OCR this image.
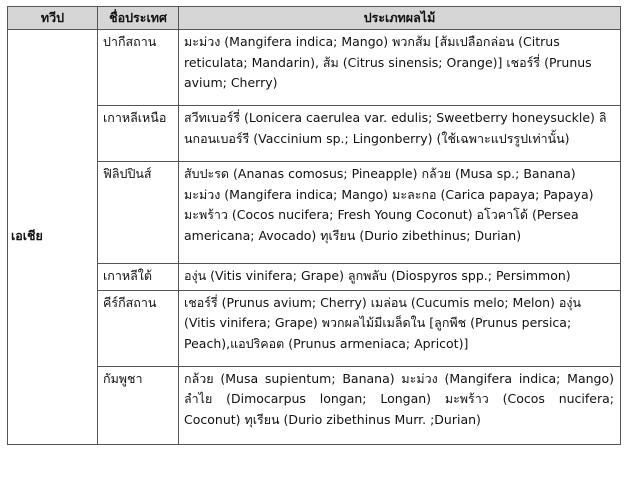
ทวีป	ชื่อประเทศ	ประเภทผลไม้
เอเชีย	ปากีสถาน	มะม่วง (Mangifera indica; Mango) พวกส้ม [ส้มเปลือกล่อน (Citrus reticulata; Mandarin), ส้ม (Citrus sinensis; Orange)] เชอร์รี่ (Prunus avium; Cherry)
	เกาหลีเหนือ	สวีทเบอร์รี่ (Lonicera caerulea var. edulis; Sweetberry honeysuckle) ลินกอนเบอร์รี (Vaccinium sp.; Lingonberry) (ใช้เฉพาะแปรรูปเท่านั้น)
	ฟิลิปปินส์	สับปะรด (Ananas comosus; Pineapple) กล้วย (Musa sp.; Banana) มะม่วง (Mangifera indica; Mango) มะละกอ (Carica papaya; Papaya) มะพร้าว (Cocos nucifera; Fresh Young Coconut) อโวคาโด้ (Persea americana; Avocado) ทุเรียน (Durio zibethinus; Durian)
	เกาหลีใต้	องุ่น (Vitis vinifera; Grape) ลูกพลับ (Diospyros spp.; Persimmon)
	คีร์กีสถาน	เชอร์รี่ (Prunus avium; Cherry) เมล่อน (Cucumis melo; Melon) องุ่น (Vitis vinifera; Grape) พวกผลไม้มีเมล็ดใน [ลูกพีช (Prunus persica; Peach),แอปริคอต (Prunus armeniaca; Apricot)]
	กัมพูชา	กล้วย (Musa supientum; Banana) มะม่วง (Mangifera indica; Mango) ลำไย (Dimocarpus longan; Longan) มะพร้าว (Cocos nucifera; Coconut) ทุเรียน (Durio zibethinus Murr. ;Durian)
